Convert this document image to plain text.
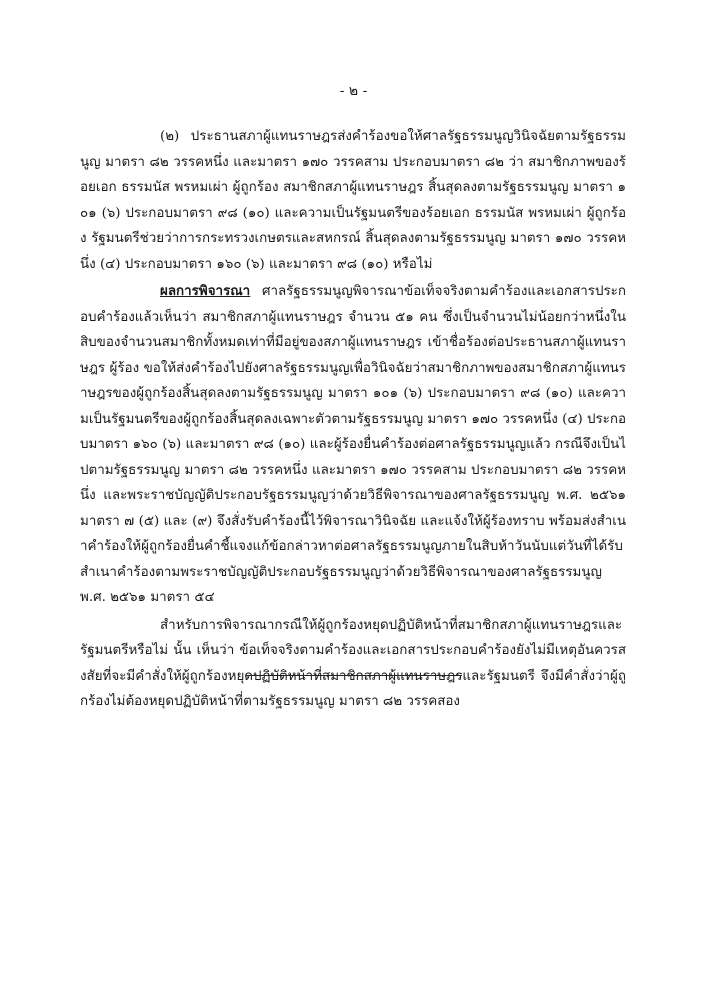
- ๒ -

(๒) ประธานสภาผู้แทนราษฎรส่งคำร้องขอให้ศาลรัฐธรรมนูญวินิจฉัยตามรัฐธรรมนูญ มาตรา ๘๒ วรรคหนึ่ง และมาตรา ๑๗๐ วรรคสาม ประกอบมาตรา ๘๒ ว่า สมาชิกภาพของร้อยเอก ธรรมนัส พรหมเผ่า ผู้ถูกร้อง สมาชิกสภาผู้แทนราษฎร สิ้นสุดลงตามรัฐธรรมนูญ มาตรา ๑๐๑ (๖) ประกอบมาตรา ๙๘ (๑๐) และความเป็นรัฐมนตรีของร้อยเอก ธรรมนัส พรหมเผ่า ผู้ถูกร้อง รัฐมนตรีช่วยว่าการกระทรวงเกษตรและสหกรณ์ สิ้นสุดลงตามรัฐธรรมนูญ มาตรา ๑๗๐ วรรคหนึ่ง (๔) ประกอบมาตรา ๑๖๐ (๖) และมาตรา ๙๘ (๑๐) หรือไม่

ผลการพิจารณา ศาลรัฐธรรมนูญพิจารณาข้อเท็จจริงตามคำร้องและเอกสารประกอบคำร้องแล้วเห็นว่า สมาชิกสภาผู้แทนราษฎร จำนวน ๕๑ คน ซึ่งเป็นจำนวนไม่น้อยกว่าหนึ่งในสิบของจำนวนสมาชิกทั้งหมดเท่าที่มีอยู่ของสภาผู้แทนราษฎร เข้าชื่อร้องต่อประธานสภาผู้แทนราษฎร ผู้ร้อง ขอให้ส่งคำร้องไปยังศาลรัฐธรรมนูญเพื่อวินิจฉัยว่าสมาชิกภาพของสมาชิกสภาผู้แทนราษฎรของผู้ถูกร้องสิ้นสุดลงตามรัฐธรรมนูญ มาตรา ๑๐๑ (๖) ประกอบมาตรา ๙๘ (๑๐) และความเป็นรัฐมนตรีของผู้ถูกร้องสิ้นสุดลงเฉพาะตัวตามรัฐธรรมนูญ มาตรา ๑๗๐ วรรคหนึ่ง (๔) ประกอบมาตรา ๑๖๐ (๖) และมาตรา ๙๘ (๑๐) และผู้ร้องยื่นคำร้องต่อศาลรัฐธรรมนูญแล้ว กรณีจึงเป็นไปตามรัฐธรรมนูญ มาตรา ๘๒ วรรคหนึ่ง และมาตรา ๑๗๐ วรรคสาม ประกอบมาตรา ๘๒ วรรคหนึ่ง และพระราชบัญญัติประกอบรัฐธรรมนูญว่าด้วยวิธีพิจารณาของศาลรัฐธรรมนูญ พ.ศ. ๒๕๖๑ มาตรา ๗ (๕) และ (๙) จึงสั่งรับคำร้องนี้ไว้พิจารณาวินิจฉัย และแจ้งให้ผู้ร้องทราบ พร้อมส่งสำเนาคำร้องให้ผู้ถูกร้องยื่นคำชี้แจงแก้ข้อกล่าวหาต่อศาลรัฐธรรมนูญภายในสิบห้าวันนับแต่วันที่ได้รับสำเนาคำร้องตามพระราชบัญญัติประกอบรัฐธรรมนูญว่าด้วยวิธีพิจารณาของศาลรัฐธรรมนูญ พ.ศ. ๒๕๖๑ มาตรา ๕๔

สำหรับการพิจารณากรณีให้ผู้ถูกร้องหยุดปฏิบัติหน้าที่สมาชิกสภาผู้แทนราษฎรและรัฐมนตรีหรือไม่ นั้น เห็นว่า ข้อเท็จจริงตามคำร้องและเอกสารประกอบคำร้องยังไม่มีเหตุอันควรสงสัยที่จะมีคำสั่งให้ผู้ถูกร้องหยุดปฏิบัติหน้าที่สมาชิกสภาผู้แทนราษฎรและรัฐมนตรี จึงมีคำสั่งว่าผู้ถูกร้องไม่ต้องหยุดปฏิบัติหน้าที่ตามรัฐธรรมนูญ มาตรา ๘๒ วรรคสอง
